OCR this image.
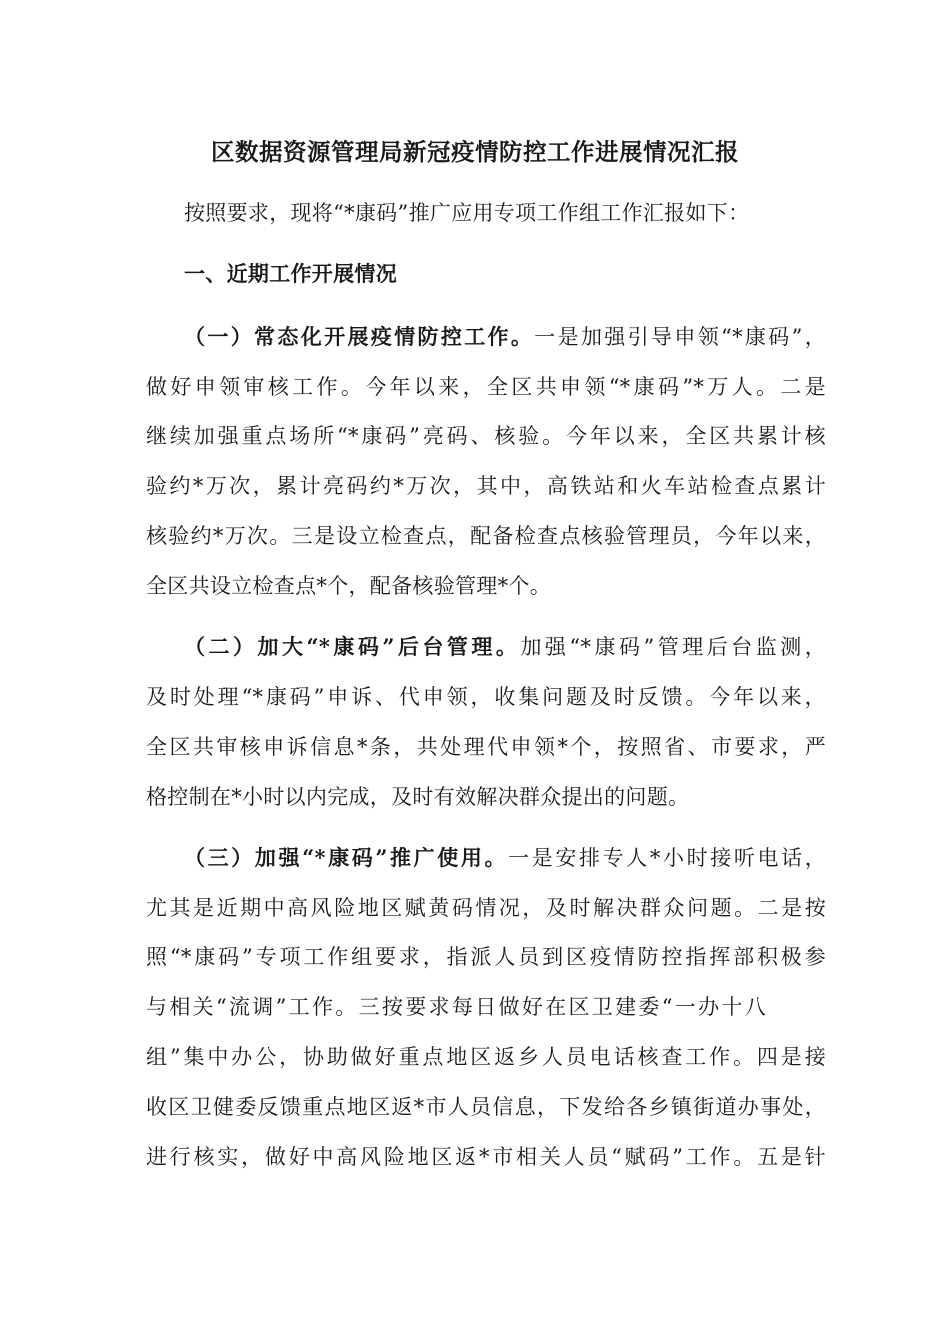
区数据资源管理局新冠疫情防控工作进展情况汇报
按照要求，现将“*康码”推广应用专项工作组工作汇报如下：
一、近期工作开展情况
（一）常态化开展疫情防控工作。一是加强引导申领“*康码”，
做好申领审核工作。今年以来，全区共申领“*康码”*万人。二是
继续加强重点场所“*康码”亮码、核验。今年以来，全区共累计核
验约*万次，累计亮码约*万次，其中，高铁站和火车站检查点累计
核验约*万次。三是设立检查点，配备检查点核验管理员，今年以来，
全区共设立检查点*个，配备核验管理*个。
（二）加大“*康码”后台管理。加强“*康码”管理后台监测，
及时处理“*康码”申诉、代申领，收集问题及时反馈。今年以来，
全区共审核申诉信息*条，共处理代申领*个，按照省、市要求，严
格控制在*小时以内完成，及时有效解决群众提出的问题。
（三）加强“*康码”推广使用。一是安排专人*小时接听电话，
尤其是近期中高风险地区赋黄码情况，及时解决群众问题。二是按
照“*康码”专项工作组要求，指派人员到区疫情防控指挥部积极参
与相关“流调”工作。三按要求每日做好在区卫建委“一办十八
组”集中办公，协助做好重点地区返乡人员电话核查工作。四是接
收区卫健委反馈重点地区返*市人员信息，下发给各乡镇街道办事处，
进行核实，做好中高风险地区返*市相关人员“赋码”工作。五是针
